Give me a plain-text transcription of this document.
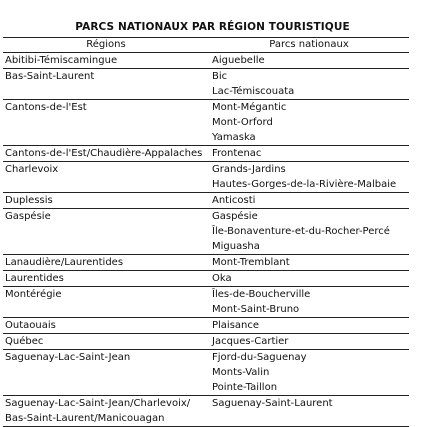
PARCS NATIONAUX PAR RÉGION TOURISTIQUE
Régions	Parcs nationaux

Abitibi-Témiscamingue	Aiguebelle

Bas-Saint-Laurent	Bic
Lac-Témiscouata

Cantons-de-l'Est	Mont-Mégantic
Mont-Orford
Yamaska

Cantons-de-l'Est/Chaudière-Appalaches	Frontenac

Charlevoix	Grands-Jardins
Hautes-Gorges-de-la-Rivière-Malbaie

Duplessis	Anticosti

Gaspésie	Gaspésie
Île-Bonaventure-et-du-Rocher-Percé
Miguasha

Lanaudière/Laurentides	Mont-Tremblant

Laurentides	Oka

Montérégie	Îles-de-Boucherville
Mont-Saint-Bruno

Outaouais	Plaisance

Québec	Jacques-Cartier

Saguenay-Lac-Saint-Jean	Fjord-du-Saguenay
Monts-Valin
Pointe-Taillon

Saguenay-Lac-Saint-Jean/Charlevoix/
Bas-Saint-Laurent/Manicouagan	Saguenay-Saint-Laurent
